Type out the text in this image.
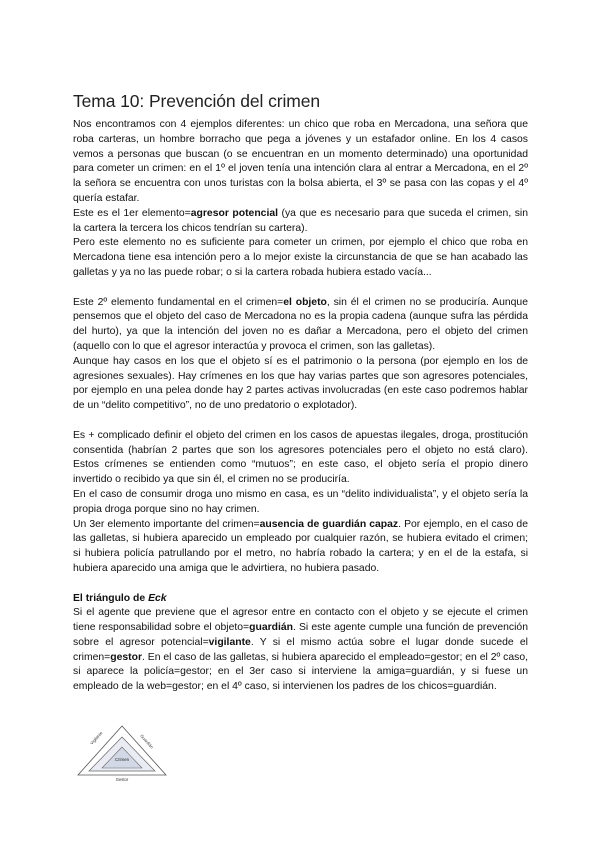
Tema 10: Prevención del crimen

Nos encontramos con 4 ejemplos diferentes: un chico que roba en Mercadona, una señora que roba carteras, un hombre borracho que pega a jóvenes y un estafador online. En los 4 casos vemos a personas que buscan (o se encuentran en un momento determinado) una oportunidad para cometer un crimen: en el 1º el joven tenía una intención clara al entrar a Mercadona, en el 2º la señora se encuentra con unos turistas con la bolsa abierta, el 3º se pasa con las copas y el 4º quería estafar.

Este es el 1er elemento=agresor potencial (ya que es necesario para que suceda el crimen, sin la cartera la tercera los chicos tendrían su cartera).

Pero este elemento no es suficiente para cometer un crimen, por ejemplo el chico que roba en Mercadona tiene esa intención pero a lo mejor existe la circunstancia de que se han acabado las galletas y ya no las puede robar; o si la cartera robada hubiera estado vacía...

Este 2º elemento fundamental en el crimen=el objeto, sin él el crimen no se produciría. Aunque pensemos que el objeto del caso de Mercadona no es la propia cadena (aunque sufra las pérdida del hurto), ya que la intención del joven no es dañar a Mercadona, pero el objeto del crimen (aquello con lo que el agresor interactúa y provoca el crimen, son las galletas).

Aunque hay casos en los que el objeto sí es el patrimonio o la persona (por ejemplo en los de agresiones sexuales). Hay crímenes en los que hay varias partes que son agresores potenciales, por ejemplo en una pelea donde hay 2 partes activas involucradas (en este caso podremos hablar de un “delito competitivo”, no de uno predatorio o explotador).

Es + complicado definir el objeto del crimen en los casos de apuestas ilegales, droga, prostitución consentida (habrían 2 partes que son los agresores potenciales pero el objeto no está claro). Estos crímenes se entienden como “mutuos”; en este caso, el objeto sería el propio dinero invertido o recibido ya que sin él, el crimen no se produciría.

En el caso de consumir droga uno mismo en casa, es un “delito individualista”, y el objeto sería la propia droga porque sino no hay crimen.

Un 3er elemento importante del crimen=ausencia de guardián capaz. Por ejemplo, en el caso de las galletas, si hubiera aparecido un empleado por cualquier razón, se hubiera evitado el crimen; si hubiera policía patrullando por el metro, no habría robado la cartera; y en el de la estafa, si hubiera aparecido una amiga que le advirtiera, no hubiera pasado.

El triángulo de Eck

Si el agente que previene que el agresor entre en contacto con el objeto y se ejecute el crimen tiene responsabilidad sobre el objeto=guardián. Si este agente cumple una función de prevención sobre el agresor potencial=vigilante. Y si el mismo actúa sobre el lugar donde sucede el crimen=gestor. En el caso de las galletas, si hubiera aparecido el empleado=gestor; en el 2º caso, si aparece la policía=gestor; en el 3er caso si interviene la amiga=guardián, y si fuese un empleado de la web=gestor; en el 4º caso, si intervienen los padres de los chicos=guardián.

Vigilante	Guardián
Crimen
Gestor
